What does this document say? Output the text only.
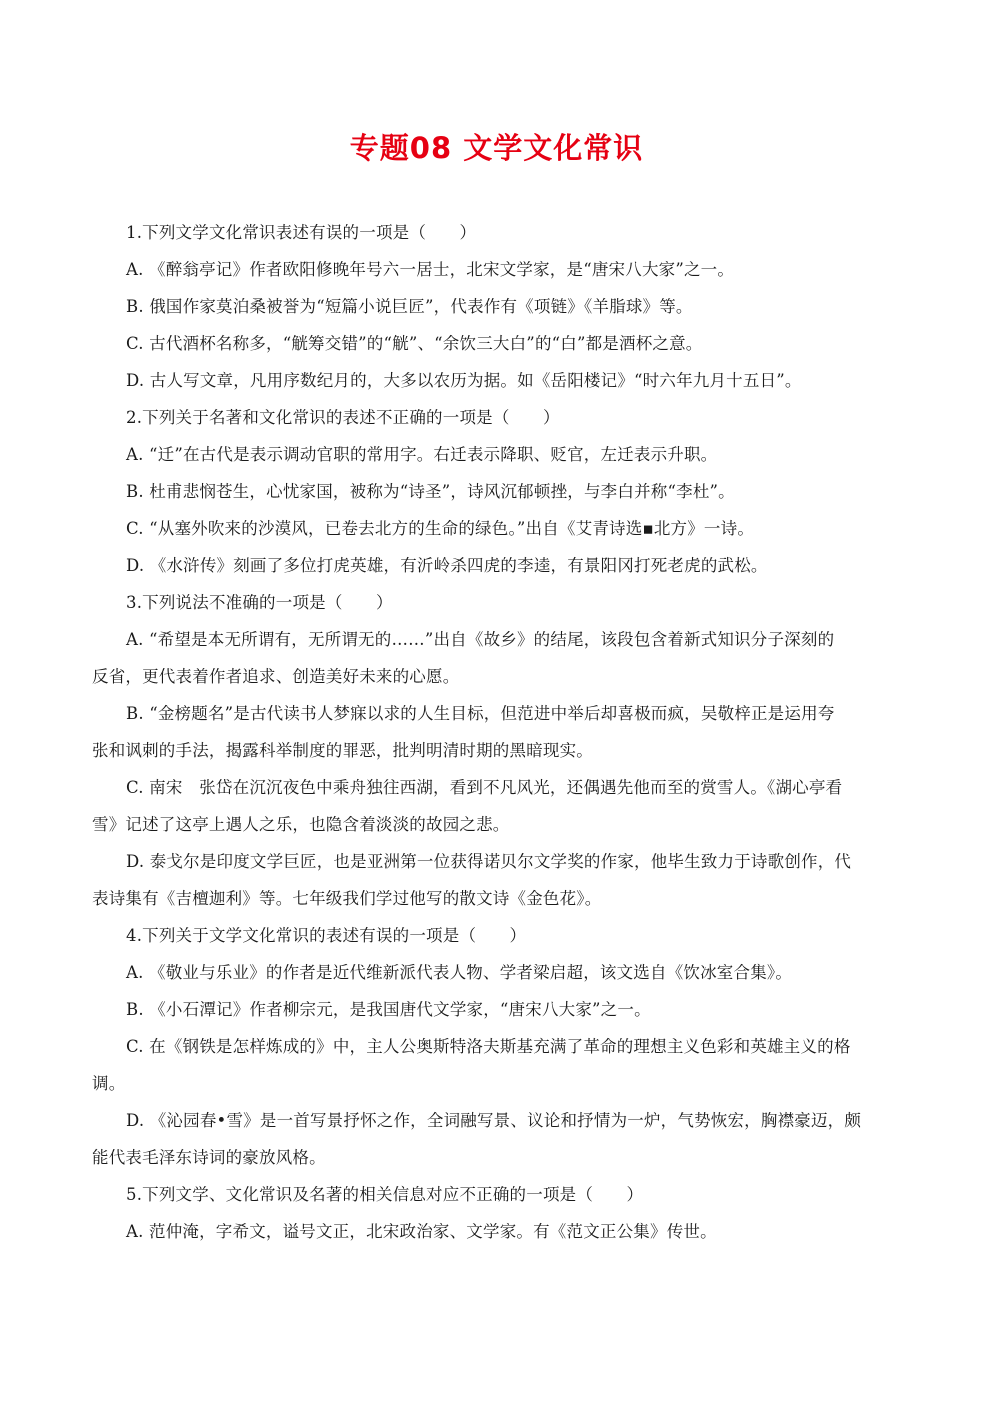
专题08 文学文化常识

1.下列文学文化常识表述有误的一项是（　　）

A. 《醉翁亭记》作者欧阳修晚年号六一居士，北宋文学家，是“唐宋八大家”之一。

B. 俄国作家莫泊桑被誉为“短篇小说巨匠”，代表作有《项链》《羊脂球》等。

C. 古代酒杯名称多，“觥筹交错”的“觥”、“余饮三大白”的“白”都是酒杯之意。

D. 古人写文章，凡用序数纪月的，大多以农历为据。如《岳阳楼记》“时六年九月十五日”。

2.下列关于名著和文化常识的表述不正确的一项是（　　）

A. “迁”在古代是表示调动官职的常用字。右迁表示降职、贬官，左迁表示升职。

B. 杜甫悲悯苍生，心忧家国，被称为“诗圣”，诗风沉郁顿挫，与李白并称“李杜”。

C. “从塞外吹来的沙漠风，已卷去北方的生命的绿色。”出自《艾青诗选▪北方》一诗。

D. 《水浒传》刻画了多位打虎英雄，有沂岭杀四虎的李逵，有景阳冈打死老虎的武松。

3.下列说法不准确的一项是（　　）

A. “希望是本无所谓有，无所谓无的……”出自《故乡》的结尾，该段包含着新式知识分子深刻的

反省，更代表着作者追求、创造美好未来的心愿。

B. “金榜题名”是古代读书人梦寐以求的人生目标，但范进中举后却喜极而疯，吴敬梓正是运用夸

张和讽刺的手法，揭露科举制度的罪恶，批判明清时期的黑暗现实。

C. 南宋　张岱在沉沉夜色中乘舟独往西湖，看到不凡风光，还偶遇先他而至的赏雪人。《湖心亭看

雪》记述了这亭上遇人之乐，也隐含着淡淡的故园之悲。

D. 泰戈尔是印度文学巨匠，也是亚洲第一位获得诺贝尔文学奖的作家，他毕生致力于诗歌创作，代

表诗集有《吉檀迦利》等。七年级我们学过他写的散文诗《金色花》。

4.下列关于文学文化常识的表述有误的一项是（　　）

A. 《敬业与乐业》的作者是近代维新派代表人物、学者梁启超，该文选自《饮冰室合集》。

B. 《小石潭记》作者柳宗元，是我国唐代文学家，“唐宋八大家”之一。

C. 在《钢铁是怎样炼成的》中，主人公奥斯特洛夫斯基充满了革命的理想主义色彩和英雄主义的格

调。

D. 《沁园春•雪》是一首写景抒怀之作，全词融写景、议论和抒情为一炉，气势恢宏，胸襟豪迈，颇

能代表毛泽东诗词的豪放风格。

5.下列文学、文化常识及名著的相关信息对应不正确的一项是（　　）

A. 范仲淹，字希文，谥号文正，北宋政治家、文学家。有《范文正公集》传世。
